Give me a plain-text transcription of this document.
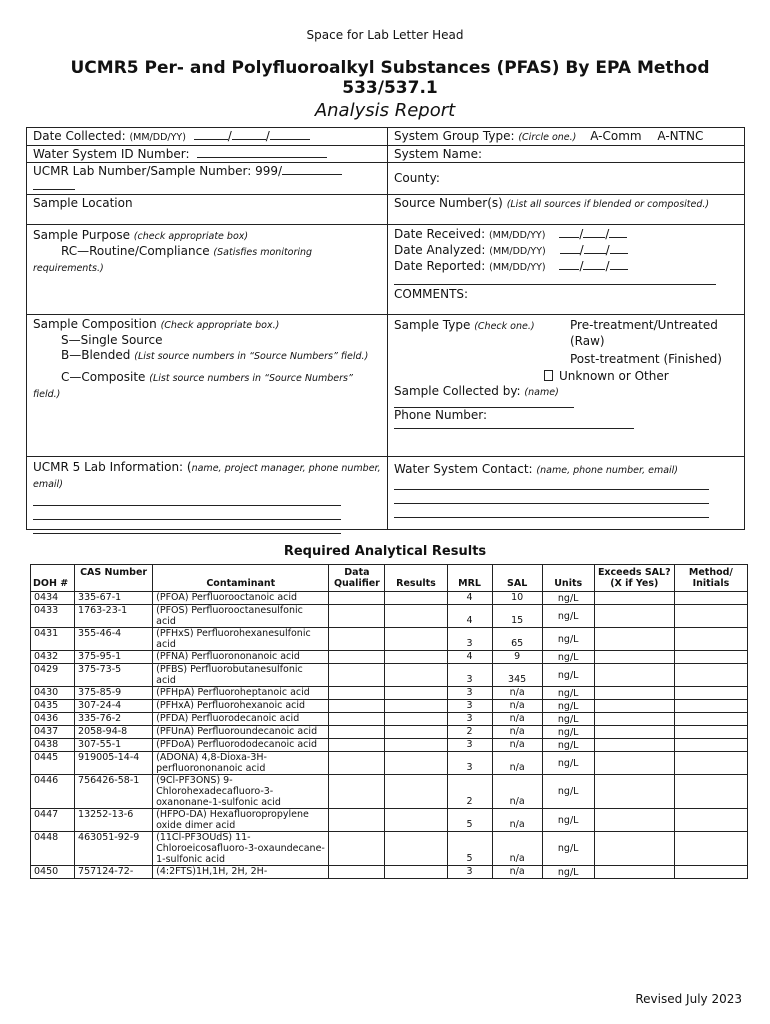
Space for Lab Letter Head
UCMR5 Per- and Polyfluoroalkyl Substances (PFAS) By EPA Method 533/537.1
Analysis Report
Date Collected: (MM/DD/YY)	/	/
Water System ID Number:
UCMR Lab Number/Sample Number: 999/

Sample Location
Sample Purpose (check appropriate box)
RC—Routine/Compliance (Satisfies monitoring requirements.)
Sample Composition (Check appropriate box.)
S—Single Source
B—Blended (List source numbers in “Source Numbers” field.)
C—Composite (List source numbers in “Source Numbers” field.)
UCMR 5 Lab Information: (name, project manager, phone number, email)
System Group Type: (Circle one.) A-Comm A-NTNC
System Name:
County:
Source Number(s) (List all sources if blended or composited.)
Date Received: (MM/DD/YY)	/ /
Date Analyzed: (MM/DD/YY)	/ /
Date Reported: (MM/DD/YY)	/ /
COMMENTS:
Sample Type (Check one.)	Pre-treatment/Untreated (Raw)
Post-treatment (Finished)
Unknown or Other
Sample Collected by: (name)
Phone Number:
Water System Contact: (name, phone number, email)
Required Analytical Results
DOH #	CAS Number	Contaminant	Data Qualifier	Results	MRL	SAL	Units	Exceeds SAL? (X if Yes)	Method/ Initials
0434	335-67-1	(PFOA) Perfluorooctanoic acid			4	10	ng/L		
0433	1763-23-1	(PFOS) Perfluorooctanesulfonic acid			4	15	ng/L		
0431	355-46-4	(PFHxS) Perfluorohexanesulfonic acid			3	65	ng/L		
0432	375-95-1	(PFNA) Perfluorononanoic acid			4	9	ng/L		
0429	375-73-5	(PFBS) Perfluorobutanesulfonic acid			3	345	ng/L		
0430	375-85-9	(PFHpA) Perfluoroheptanoic acid			3	n/a	ng/L		
0435	307-24-4	(PFHxA) Perfluorohexanoic acid			3	n/a	ng/L		
0436	335-76-2	(PFDA) Perfluorodecanoic acid			3	n/a	ng/L		
0437	2058-94-8	(PFUnA) Perfluoroundecanoic acid			2	n/a	ng/L		
0438	307-55-1	(PFDoA) Perfluorododecanoic acid			3	n/a	ng/L		
0445	919005-14-4	(ADONA) 4,8-Dioxa-3H-perfluorononanoic acid			3	n/a	ng/L		
0446	756426-58-1	(9Cl-PF3ONS) 9-Chlorohexadecafluoro-3-oxanonane-1-sulfonic acid			2	n/a	ng/L		
0447	13252-13-6	(HFPO-DA) Hexafluoropropylene oxide dimer acid			5	n/a	ng/L		
0448	463051-92-9	(11Cl-PF3OUdS) 11-Chloroeicosafluoro-3-oxaundecane-1-sulfonic acid			5	n/a	ng/L		
0450	757124-72-	(4:2FTS)1H,1H, 2H, 2H-			3	n/a	ng/L		
Revised July 2023
